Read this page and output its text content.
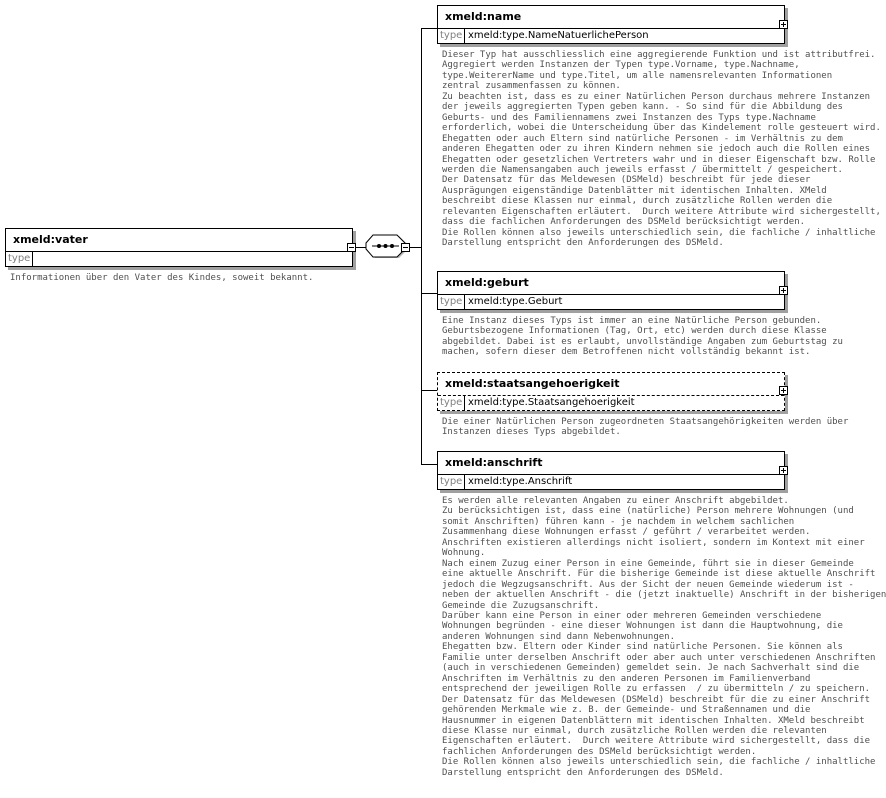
xmeld:vater
type
Informationen über den Vater des Kindes, soweit bekannt.
xmeld:name
type xmeld:type.NameNatuerlichePerson
Dieser Typ hat ausschliesslich eine aggregierende Funktion und ist attributfrei.
Aggregiert werden Instanzen der Typen type.Vorname, type.Nachname,
type.WeitererName und type.Titel, um alle namensrelevanten Informationen
zentral zusammenfassen zu können.
Zu beachten ist, dass es zu einer Natürlichen Person durchaus mehrere Instanzen
der jeweils aggregierten Typen geben kann. - So sind für die Abbildung des
Geburts- und des Familiennamens zwei Instanzen des Typs type.Nachname
erforderlich, wobei die Unterscheidung über das Kindelement rolle gesteuert wird.
Ehegatten oder auch Eltern sind natürliche Personen - im Verhältnis zu dem
anderen Ehegatten oder zu ihren Kindern nehmen sie jedoch auch die Rollen eines
Ehegatten oder gesetzlichen Vertreters wahr und in dieser Eigenschaft bzw. Rolle
werden die Namensangaben auch jeweils erfasst / übermittelt / gespeichert.
Der Datensatz für das Meldewesen (DSMeld) beschreibt für jede dieser
Ausprägungen eigenständige Datenblätter mit identischen Inhalten. XMeld
beschreibt diese Klassen nur einmal, durch zusätzliche Rollen werden die
relevanten Eigenschaften erläutert.  Durch weitere Attribute wird sichergestellt,
dass die fachlichen Anforderungen des DSMeld berücksichtigt werden.
Die Rollen können also jeweils unterschiedlich sein, die fachliche / inhaltliche
Darstellung entspricht den Anforderungen des DSMeld.
xmeld:geburt
type xmeld:type.Geburt
Eine Instanz dieses Typs ist immer an eine Natürliche Person gebunden.
Geburtsbezogene Informationen (Tag, Ort, etc) werden durch diese Klasse
abgebildet. Dabei ist es erlaubt, unvollständige Angaben zum Geburtstag zu
machen, sofern dieser dem Betroffenen nicht vollständig bekannt ist.
xmeld:staatsangehoerigkeit
type xmeld:type.Staatsangehoerigkeit
Die einer Natürlichen Person zugeordneten Staatsangehörigkeiten werden über
Instanzen dieses Typs abgebildet.
xmeld:anschrift
type xmeld:type.Anschrift
Es werden alle relevanten Angaben zu einer Anschrift abgebildet.
Zu berücksichtigen ist, dass eine (natürliche) Person mehrere Wohnungen (und
somit Anschriften) führen kann - je nachdem in welchem sachlichen
Zusammenhang diese Wohnungen erfasst / geführt / verarbeitet werden.
Anschriften existieren allerdings nicht isoliert, sondern im Kontext mit einer
Wohnung.
Nach einem Zuzug einer Person in eine Gemeinde, führt sie in dieser Gemeinde
eine aktuelle Anschrift. Für die bisherige Gemeinde ist diese aktuelle Anschrift
jedoch die Wegzugsanschrift. Aus der Sicht der neuen Gemeinde wiederum ist -
neben der aktuellen Anschrift - die (jetzt inaktuelle) Anschrift in der bisherigen
Gemeinde die Zuzugsanschrift.
Darüber kann eine Person in einer oder mehreren Gemeinden verschiedene
Wohnungen begründen - eine dieser Wohnungen ist dann die Hauptwohnung, die
anderen Wohnungen sind dann Nebenwohnungen.
Ehegatten bzw. Eltern oder Kinder sind natürliche Personen. Sie können als
Familie unter derselben Anschrift oder aber auch unter verschiedenen Anschriften
(auch in verschiedenen Gemeinden) gemeldet sein. Je nach Sachverhalt sind die
Anschriften im Verhältnis zu den anderen Personen im Familienverband
entsprechend der jeweiligen Rolle zu erfassen  / zu übermitteln / zu speichern.
Der Datensatz für das Meldewesen (DSMeld) beschreibt für die zu einer Anschrift
gehörenden Merkmale wie z. B. der Gemeinde- und Straßennamen und die
Hausnummer in eigenen Datenblättern mit identischen Inhalten. XMeld beschreibt
diese Klasse nur einmal, durch zusätzliche Rollen werden die relevanten
Eigenschaften erläutert.  Durch weitere Attribute wird sichergestellt, dass die
fachlichen Anforderungen des DSMeld berücksichtigt werden.
Die Rollen können also jeweils unterschiedlich sein, die fachliche / inhaltliche
Darstellung entspricht den Anforderungen des DSMeld.
